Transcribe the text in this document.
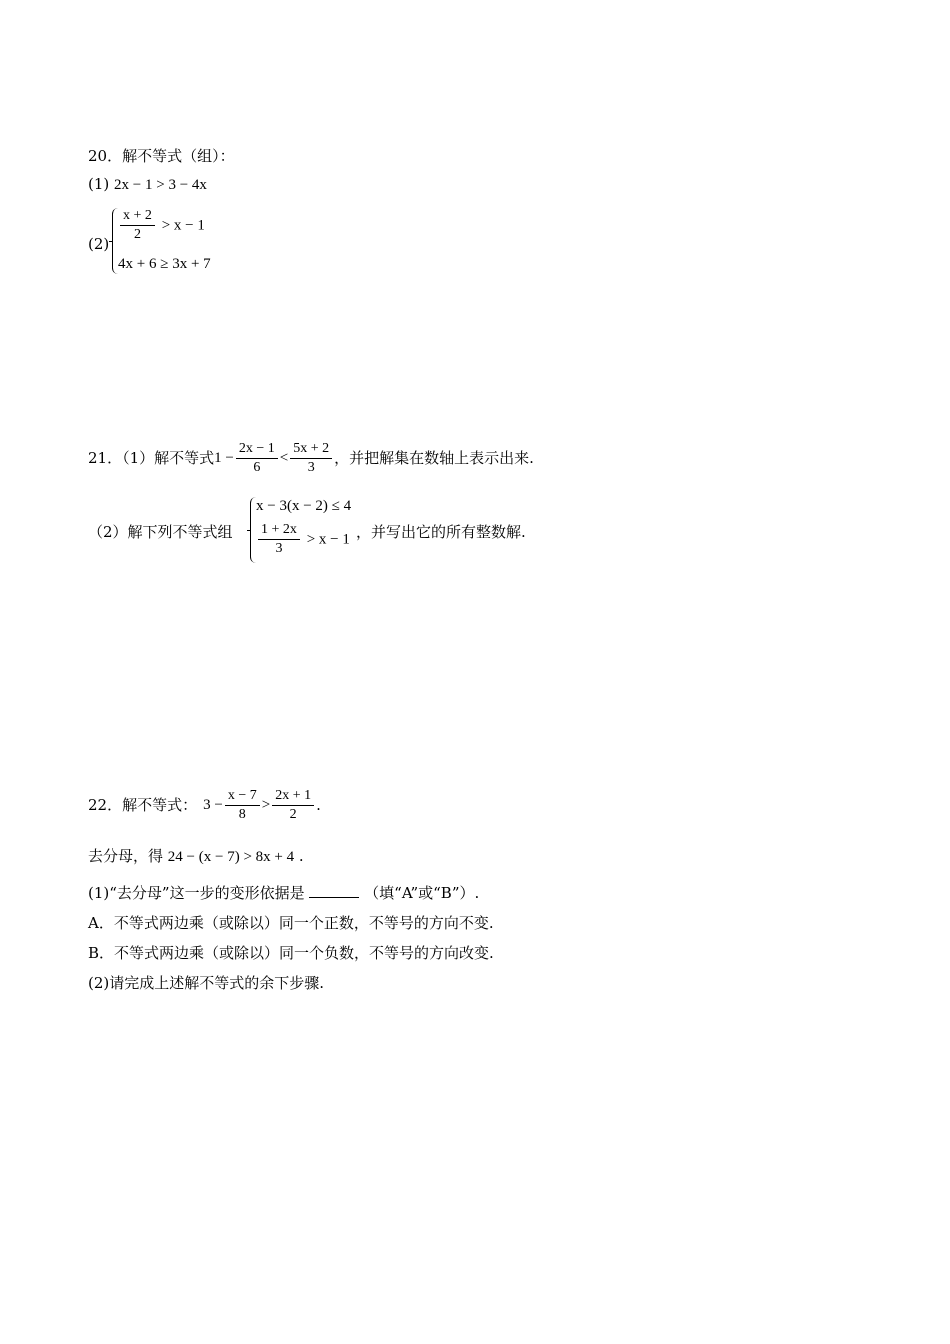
20．解不等式（组）：
(1) 2x − 1 > 3 − 4x
$(2) \frac{x + 2}{2} > x - 1$
4x + 6 ≥ 3x + 7
21．（1）解不等式 $1 - \frac{2x - 1}{6} < \frac{5x + 2}{3}$ ，并把解集在数轴上表示出来.
（2）解下列不等式组
x − 3(x − 2) ≤ 4
$\frac{1 + 2x}{3} > x - 1$ ，并写出它的所有整数解.
22．解不等式： $3 - \frac{x - 7}{8} > \frac{2x + 1}{2}$ .
去分母，得 24 − (x − 7) > 8x + 4 .
(1)“去分母”这一步的变形依据是	（填“A”或“B”）.
A．不等式两边乘（或除以）同一个正数，不等号的方向不变.
B．不等式两边乘（或除以）同一个负数，不等号的方向改变.
(2)请完成上述解不等式的余下步骤.
